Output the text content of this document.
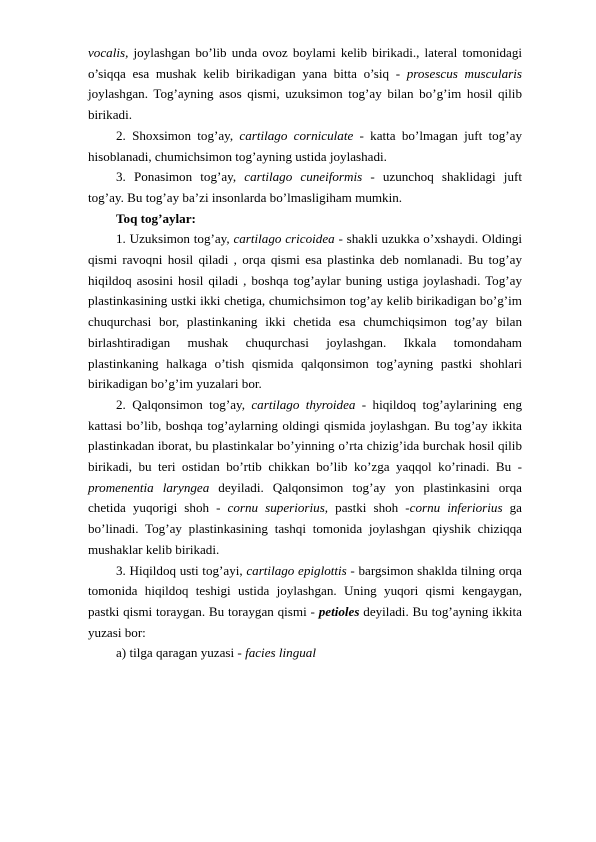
vocalis, joylashgan bo’lib unda ovoz boylami kelib birikadi., lateral tomonidagi o’siqqa esa mushak kelib birikadigan yana bitta o’siq - prosescus muscularis joylashgan. Tog’ayning asos qismi, uzuksimon tog’ay bilan bo’g’im hosil qilib birikadi.

2. Shoxsimon tog’ay, cartilago corniculate - katta bo’lmagan juft tog’ay hisoblanadi, chumichsimon tog’ayning ustida joylashadi.

3. Ponasimon tog’ay, cartilago cuneiformis - uzunchoq shaklidagi juft tog’ay. Bu tog’ay ba’zi insonlarda bo’lmasligiham mumkin.

Toq tog’aylar:

1. Uzuksimon tog’ay, cartilago cricoidea - shakli uzukka o’xshaydi. Oldingi qismi ravoqni hosil qiladi , orqa qismi esa plastinka deb nomlanadi. Bu tog’ay hiqildoq asosini hosil qiladi , boshqa tog’aylar buning ustiga joylashadi. Tog’ay plastinkasining ustki ikki chetiga, chumichsimon tog’ay kelib birikadigan bo’g’im chuqurchasi bor, plastinkaning ikki chetida esa chumchiqsimon tog’ay bilan birlashtiradigan mushak chuqurchasi joylashgan. Ikkala tomondaham plastinkaning halkaga o’tish qismida qalqonsimon tog’ayning pastki shohlari birikadigan bo’g’im yuzalari bor.

2. Qalqonsimon tog’ay, cartilago thyroidea - hiqildoq tog’aylarining eng kattasi bo’lib, boshqa tog’aylarning oldingi qismida joylashgan. Bu tog’ay ikkita plastinkadan iborat, bu plastinkalar bo’yinning o’rta chizig’ida burchak hosil qilib birikadi, bu teri ostidan bo’rtib chikkan bo’lib ko’zga yaqqol ko’rinadi. Bu - promenentia laryngea deyiladi. Qalqonsimon tog’ay yon plastinkasini orqa chetida yuqorigi shoh - cornu superiorius, pastki shoh -cornu inferiorius ga bo’linadi. Tog’ay plastinkasining tashqi tomonida joylashgan qiyshik chiziqqa mushaklar kelib birikadi.

3. Hiqildoq usti tog’ayi, cartilago epiglottis - bargsimon shaklda tilning orqa tomonida hiqildoq teshigi ustida joylashgan. Uning yuqori qismi kengaygan, pastki qismi toraygan. Bu toraygan qismi - petioles deyiladi. Bu tog’ayning ikkita yuzasi bor:

a) tilga qaragan yuzasi - facies lingual
